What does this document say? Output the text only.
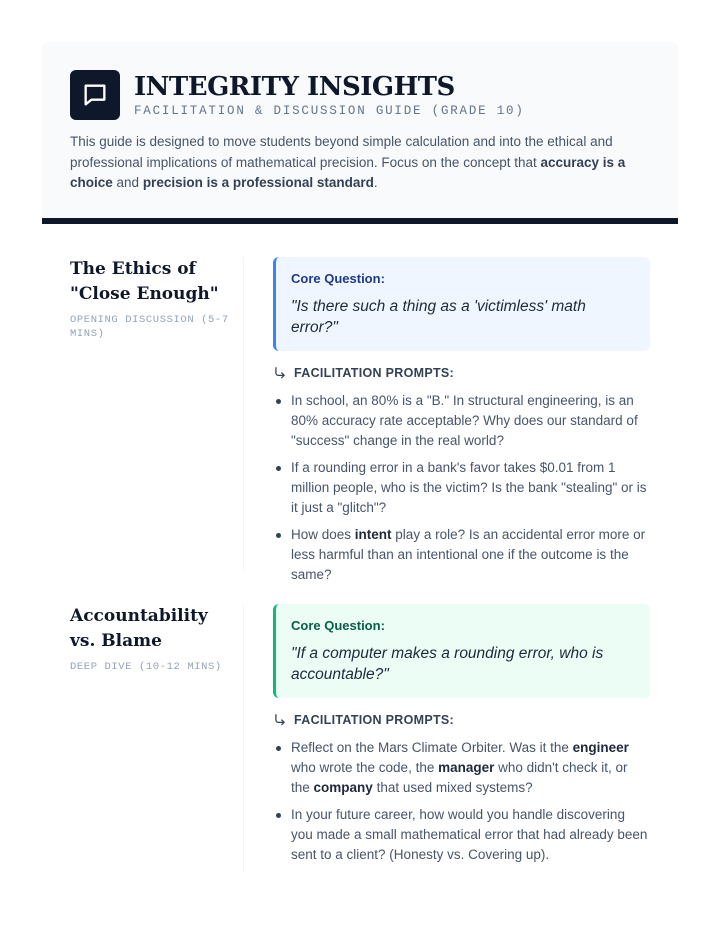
INTEGRITY INSIGHTS
FACILITATION & DISCUSSION GUIDE (GRADE 10)

This guide is designed to move students beyond simple calculation and into the ethical and professional implications of mathematical precision. Focus on the concept that accuracy is a choice and precision is a professional standard.

The Ethics of "Close Enough"
OPENING DISCUSSION (5-7 MINS)
Core Question:
"Is there such a thing as a 'victimless' math error?"
FACILITATION PROMPTS:
In school, an 80% is a "B." In structural engineering, is an 80% accuracy rate acceptable? Why does our standard of "success" change in the real world?
If a rounding error in a bank's favor takes $0.01 from 1 million people, who is the victim? Is the bank "stealing" or is it just a "glitch"?
How does intent play a role? Is an accidental error more or less harmful than an intentional one if the outcome is the same?
Accountability vs. Blame
DEEP DIVE (10-12 MINS)
Core Question:
"If a computer makes a rounding error, who is accountable?"
FACILITATION PROMPTS:
Reflect on the Mars Climate Orbiter. Was it the engineer who wrote the code, the manager who didn't check it, or the company that used mixed systems?
In your future career, how would you handle discovering you made a small mathematical error that had already been sent to a client? (Honesty vs. Covering up).
